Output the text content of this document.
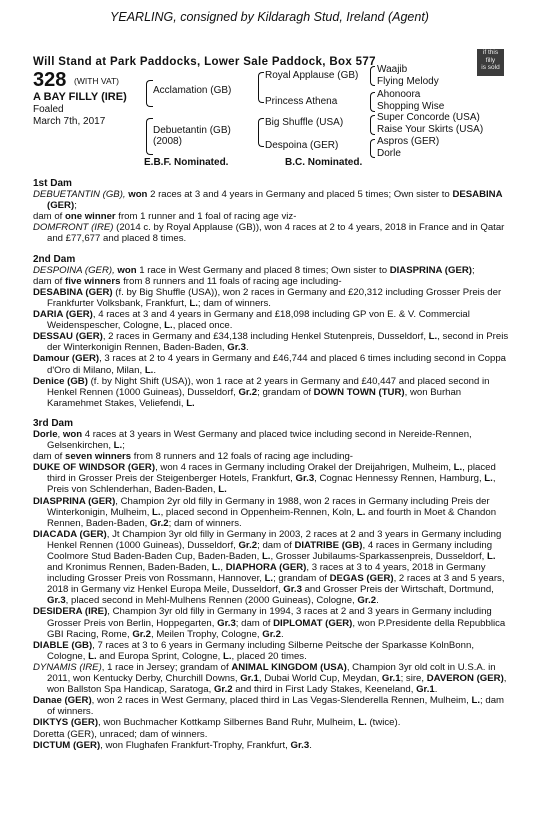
YEARLING, consigned by Kildaragh Stud, Ireland (Agent)
Will Stand at Park Paddocks, Lower Sale Paddock, Box 577
if this
filly
is sold
328 (WITH VAT)
A BAY FILLY (IRE)
Foaled
March 7th, 2017
Acclamation (GB)
Debuetantin (GB)
(2008)
Royal Applause (GB)
Princess Athena
Big Shuffle (USA)
Despoina (GER)
Waajib
Flying Melody
Ahonoora
Shopping Wise
Super Concorde (USA)
Raise Your Skirts (USA)
Aspros (GER)
Dorle
E.B.F. Nominated.	B.C. Nominated.
1st Dam

DEBUETANTIN (GB), won 2 races at 3 and 4 years in Germany and placed 5 times; Own sister to DESABINA (GER);

dam of one winner from 1 runner and 1 foal of racing age viz-

DOMFRONT (IRE) (2014 c. by Royal Applause (GB)), won 4 races at 2 to 4 years, 2018 in France and in Qatar and £77,677 and placed 8 times.

2nd Dam

DESPOINA (GER), won 1 race in West Germany and placed 8 times; Own sister to DIASPRINA (GER);

dam of five winners from 8 runners and 11 foals of racing age including-

DESABINA (GER) (f. by Big Shuffle (USA)), won 2 races in Germany and £20,312 including Grosser Preis der Frankfurter Volksbank, Frankfurt, L.; dam of winners.

DARIA (GER), 4 races at 3 and 4 years in Germany and £18,098 including GP von E. & V. Commercial Weidenspescher, Cologne, L., placed once.

DESSAU (GER), 2 races in Germany and £34,138 including Henkel Stutenpreis, Dusseldorf, L., second in Preis der Winterkonigin Rennen, Baden-Baden, Gr.3.

Damour (GER), 3 races at 2 to 4 years in Germany and £46,744 and placed 6 times including second in Coppa d'Oro di Milano, Milan, L..

Denice (GB) (f. by Night Shift (USA)), won 1 race at 2 years in Germany and £40,447 and placed second in Henkel Rennen (1000 Guineas), Dusseldorf, Gr.2; grandam of DOWN TOWN (TUR), won Burhan Karamehmet Stakes, Veliefendi, L.

3rd Dam

Dorle, won 4 races at 3 years in West Germany and placed twice including second in Nereide-Rennen, Gelsenkirchen, L.;

dam of seven winners from 8 runners and 12 foals of racing age including-

DUKE OF WINDSOR (GER), won 4 races in Germany including Orakel der Dreijahrigen, Mulheim, L., placed third in Grosser Preis der Steigenberger Hotels, Frankfurt, Gr.3, Cognac Hennessy Rennen, Hamburg, L., Preis von Schlenderhan, Baden-Baden, L.

DIASPRINA (GER), Champion 2yr old filly in Germany in 1988, won 2 races in Germany including Preis der Winterkonigin, Mulheim, L., placed second in Oppenheim-Rennen, Koln, L. and fourth in Moet & Chandon Rennen, Baden-Baden, Gr.2; dam of winners.

DIACADA (GER), Jt Champion 3yr old filly in Germany in 2003, 2 races at 2 and 3 years in Germany including Henkel Rennen (1000 Guineas), Dusseldorf, Gr.2; dam of DIATRIBE (GB), 4 races in Germany including Coolmore Stud Baden-Baden Cup, Baden-Baden, L., Grosser Jubilaums-Sparkassenpreis, Dusseldorf, L. and Kronimus Rennen, Baden-Baden, L., DIAPHORA (GER), 3 races at 3 to 4 years, 2018 in Germany including Grosser Preis von Rossmann, Hannover, L.; grandam of DEGAS (GER), 2 races at 3 and 5 years, 2018 in Germany viz Henkel Europa Meile, Dusseldorf, Gr.3 and Grosser Preis der Wirtschaft, Dortmund, Gr.3, placed second in Mehl-Mulhens Rennen (2000 Guineas), Cologne, Gr.2.

DESIDERA (IRE), Champion 3yr old filly in Germany in 1994, 3 races at 2 and 3 years in Germany including Grosser Preis von Berlin, Hoppegarten, Gr.3; dam of DIPLOMAT (GER), won P.Presidente della Repubblica GBI Racing, Rome, Gr.2, Meilen Trophy, Cologne, Gr.2.

DIABLE (GB), 7 races at 3 to 6 years in Germany including Silberne Peitsche der Sparkasse KolnBonn, Cologne, L. and Europa Sprint, Cologne, L., placed 20 times.

DYNAMIS (IRE), 1 race in Jersey; grandam of ANIMAL KINGDOM (USA), Champion 3yr old colt in U.S.A. in 2011, won Kentucky Derby, Churchill Downs, Gr.1, Dubai World Cup, Meydan, Gr.1; sire, DAVERON (GER), won Ballston Spa Handicap, Saratoga, Gr.2 and third in First Lady Stakes, Keeneland, Gr.1.

Danae (GER), won 2 races in West Germany, placed third in Las Vegas-Slenderella Rennen, Mulheim, L.; dam of winners.

DIKTYS (GER), won Buchmacher Kottkamp Silbernes Band Ruhr, Mulheim, L. (twice).

Doretta (GER), unraced; dam of winners.

DICTUM (GER), won Flughafen Frankfurt-Trophy, Frankfurt, Gr.3.
